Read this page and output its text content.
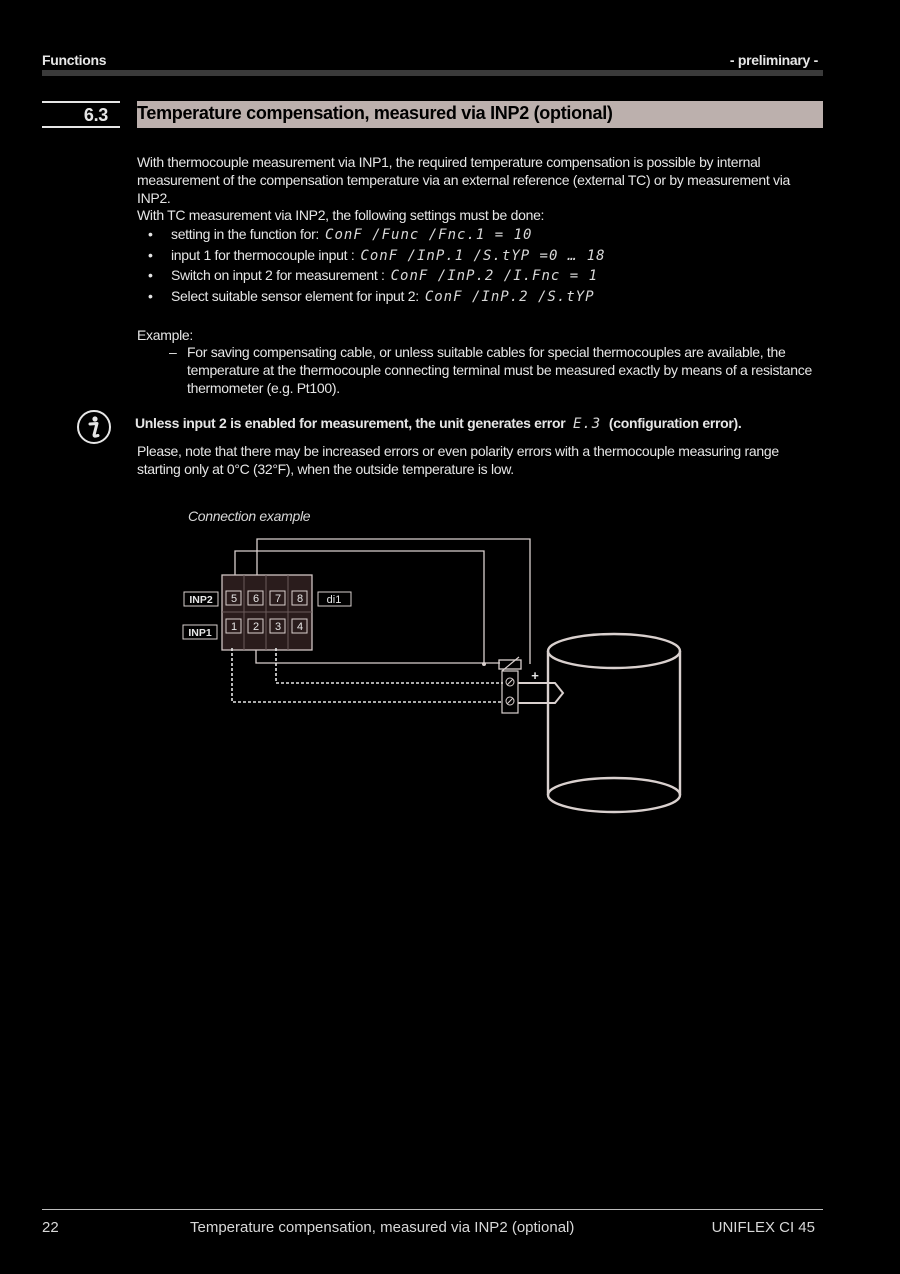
Functions	- preliminary -
6.3 Temperature compensation, measured via INP2 (optional)
With thermocouple measurement via INP1, the required temperature compensation is possible by internal measurement of the compensation temperature via an external reference (external TC) or by measurement via INP2.
With TC measurement via INP2, the following settings must be done:
• setting in the function for: ConF /Func /Fnc.1 = 10
• input 1 for thermocouple input : ConF /InP.1 /S.tYP =0 … 18
• Switch on input 2 for measurement : ConF /InP.2 /I.Fnc = 1
• Select suitable sensor element for input 2: ConF /InP.2 /S.tYP
Example:
– For saving compensating cable, or unless suitable cables for special thermocouples are available, the temperature at the thermocouple connecting terminal must be measured exactly by means of a resistance thermometer (e.g. Pt100).
Unless input 2 is enabled for measurement, the unit generates error E.3 (configuration error).
Please, note that there may be increased errors or even polarity errors with a thermocouple measuring range starting only at 0°C (32°F), when the outside temperature is low.
Connection example
5 6 7 8
1 2 3 4
INP2
INP1
di1
+
22	Temperature compensation, measured via INP2 (optional)	UNIFLEX CI 45
